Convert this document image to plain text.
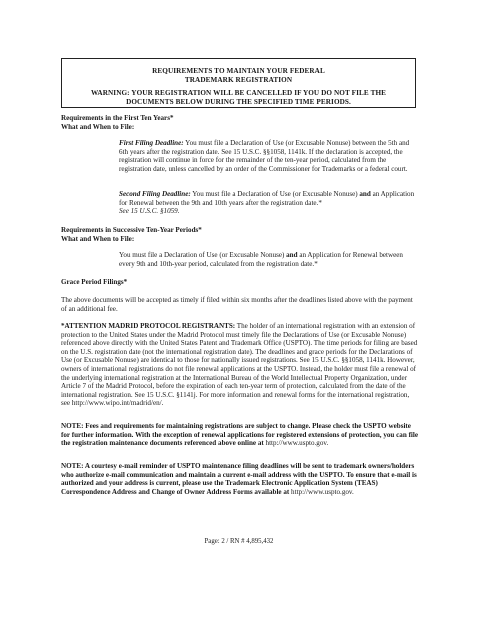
REQUIREMENTS TO MAINTAIN YOUR FEDERAL
TRADEMARK REGISTRATION
WARNING: YOUR REGISTRATION WILL BE CANCELLED IF YOU DO NOT FILE THE
DOCUMENTS BELOW DURING THE SPECIFIED TIME PERIODS.
Requirements in the First Ten Years*
What and When to File:
First Filing Deadline: You must file a Declaration of Use (or Excusable Nonuse) between the 5th and 6th years after the registration date. See 15 U.S.C. §§1058, 1141k. If the declaration is accepted, the registration will continue in force for the remainder of the ten-year period, calculated from the registration date, unless cancelled by an order of the Commissioner for Trademarks or a federal court.
Second Filing Deadline: You must file a Declaration of Use (or Excusable Nonuse) and an Application for Renewal between the 9th and 10th years after the registration date.*
See 15 U.S.C. §1059.
Requirements in Successive Ten-Year Periods*
What and When to File:
You must file a Declaration of Use (or Excusable Nonuse) and an Application for Renewal between every 9th and 10th-year period, calculated from the registration date.*
Grace Period Filings*
The above documents will be accepted as timely if filed within six months after the deadlines listed above with the payment of an additional fee.
*ATTENTION MADRID PROTOCOL REGISTRANTS: The holder of an international registration with an extension of protection to the United States under the Madrid Protocol must timely file the Declarations of Use (or Excusable Nonuse) referenced above directly with the United States Patent and Trademark Office (USPTO). The time periods for filing are based on the U.S. registration date (not the international registration date). The deadlines and grace periods for the Declarations of Use (or Excusable Nonuse) are identical to those for nationally issued registrations. See 15 U.S.C. §§1058, 1141k. However, owners of international registrations do not file renewal applications at the USPTO. Instead, the holder must file a renewal of the underlying international registration at the International Bureau of the World Intellectual Property Organization, under Article 7 of the Madrid Protocol, before the expiration of each ten-year term of protection, calculated from the date of the international registration. See 15 U.S.C. §1141j. For more information and renewal forms for the international registration, see http://www.wipo.int/madrid/en/.
NOTE: Fees and requirements for maintaining registrations are subject to change. Please check the USPTO website for further information. With the exception of renewal applications for registered extensions of protection, you can file the registration maintenance documents referenced above online at http://www.uspto.gov.
NOTE: A courtesy e-mail reminder of USPTO maintenance filing deadlines will be sent to trademark owners/holders who authorize e-mail communication and maintain a current e-mail address with the USPTO. To ensure that e-mail is authorized and your address is current, please use the Trademark Electronic Application System (TEAS) Correspondence Address and Change of Owner Address Forms available at http://www.uspto.gov.
Page: 2 / RN # 4,895,432
